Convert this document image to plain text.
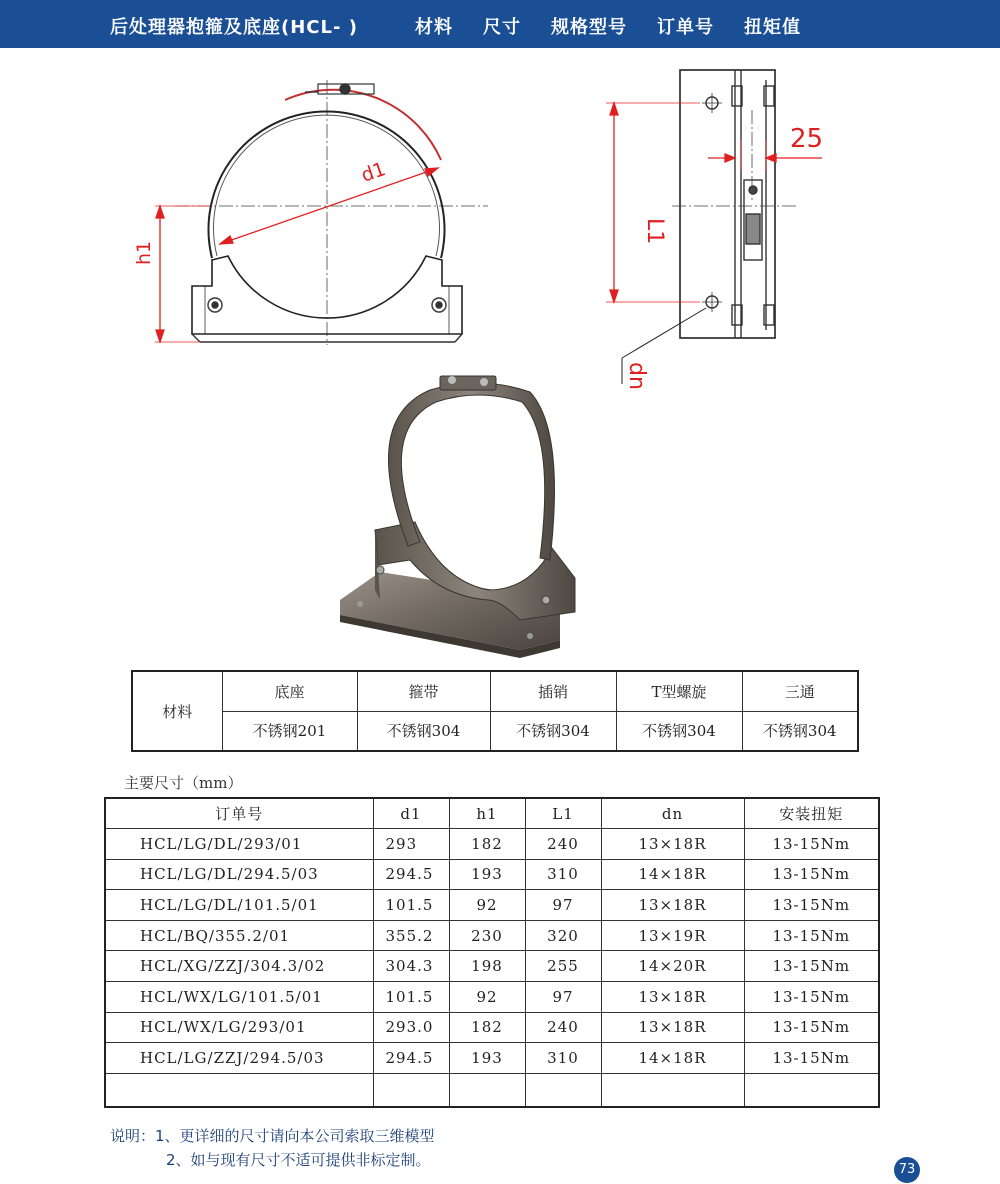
后处理器抱箍及底座(HCL- )	材料 尺寸 规格型号 订单号 扭矩值
h1
d1
25
L1
dn
材料	底座	箍带	插销	T型螺旋	三通
	不锈钢201	不锈钢304	不锈钢304	不锈钢304	不锈钢304
主要尺寸（mm）
订单号	d1	h1	L1	dn	安装扭矩
HCL/LG/DL/293/01	293	182	240	13×18R	13-15Nm
HCL/LG/DL/294.5/03	294.5	193	310	14×18R	13-15Nm
HCL/LG/DL/101.5/01	101.5	92	97	13×18R	13-15Nm
HCL/BQ/355.2/01	355.2	230	320	13×19R	13-15Nm
HCL/XG/ZZJ/304.3/02	304.3	198	255	14×20R	13-15Nm
HCL/WX/LG/101.5/01	101.5	92	97	13×18R	13-15Nm
HCL/WX/LG/293/01	293.0	182	240	13×18R	13-15Nm
HCL/LG/ZZJ/294.5/03	294.5	193	310	14×18R	13-15Nm

说明：1、更详细的尺寸请向本公司索取三维模型
2、如与现有尺寸不适可提供非标定制。
73
